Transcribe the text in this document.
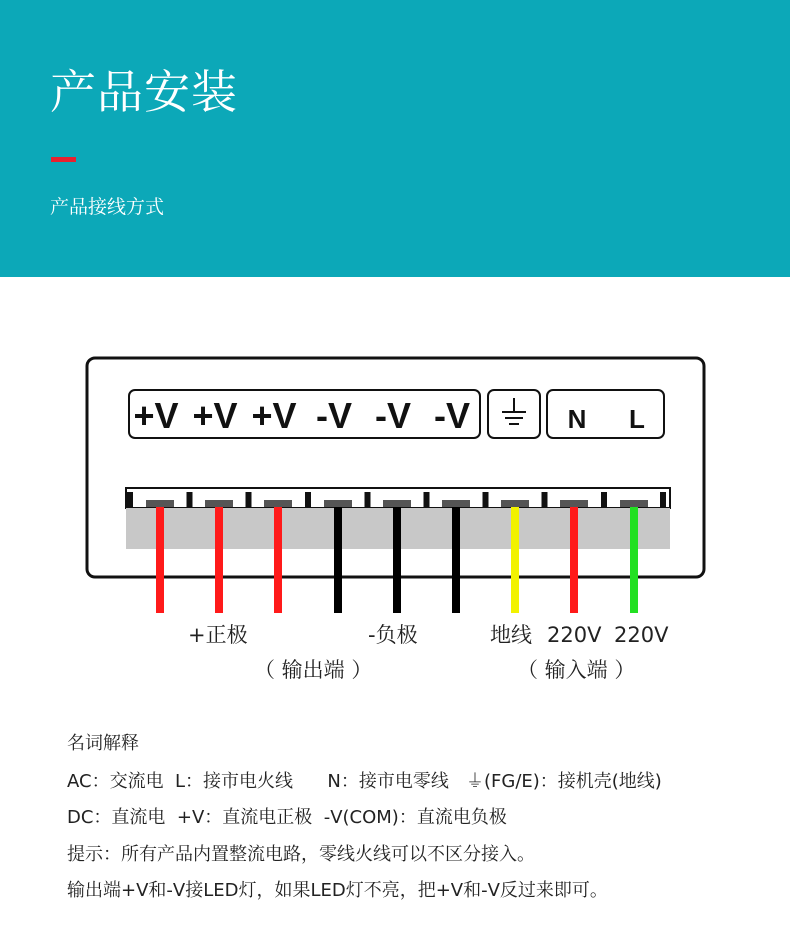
产品安装
产品接线方式
+V +V +V -V -V -V	N L
+正极	-负极
（ 输出端 ）
地线 220V 220V
（ 输入端 ）
名词解释
AC：交流电  L：接市电火线      N：接市电零线   ⏚(FG/E)：接机壳(地线)
DC：直流电  +V：直流电正极  -V(COM)：直流电负极
提示：所有产品内置整流电路，零线火线可以不区分接入。
输出端+V和-V接LED灯，如果LED灯不亮，把+V和-V反过来即可。
